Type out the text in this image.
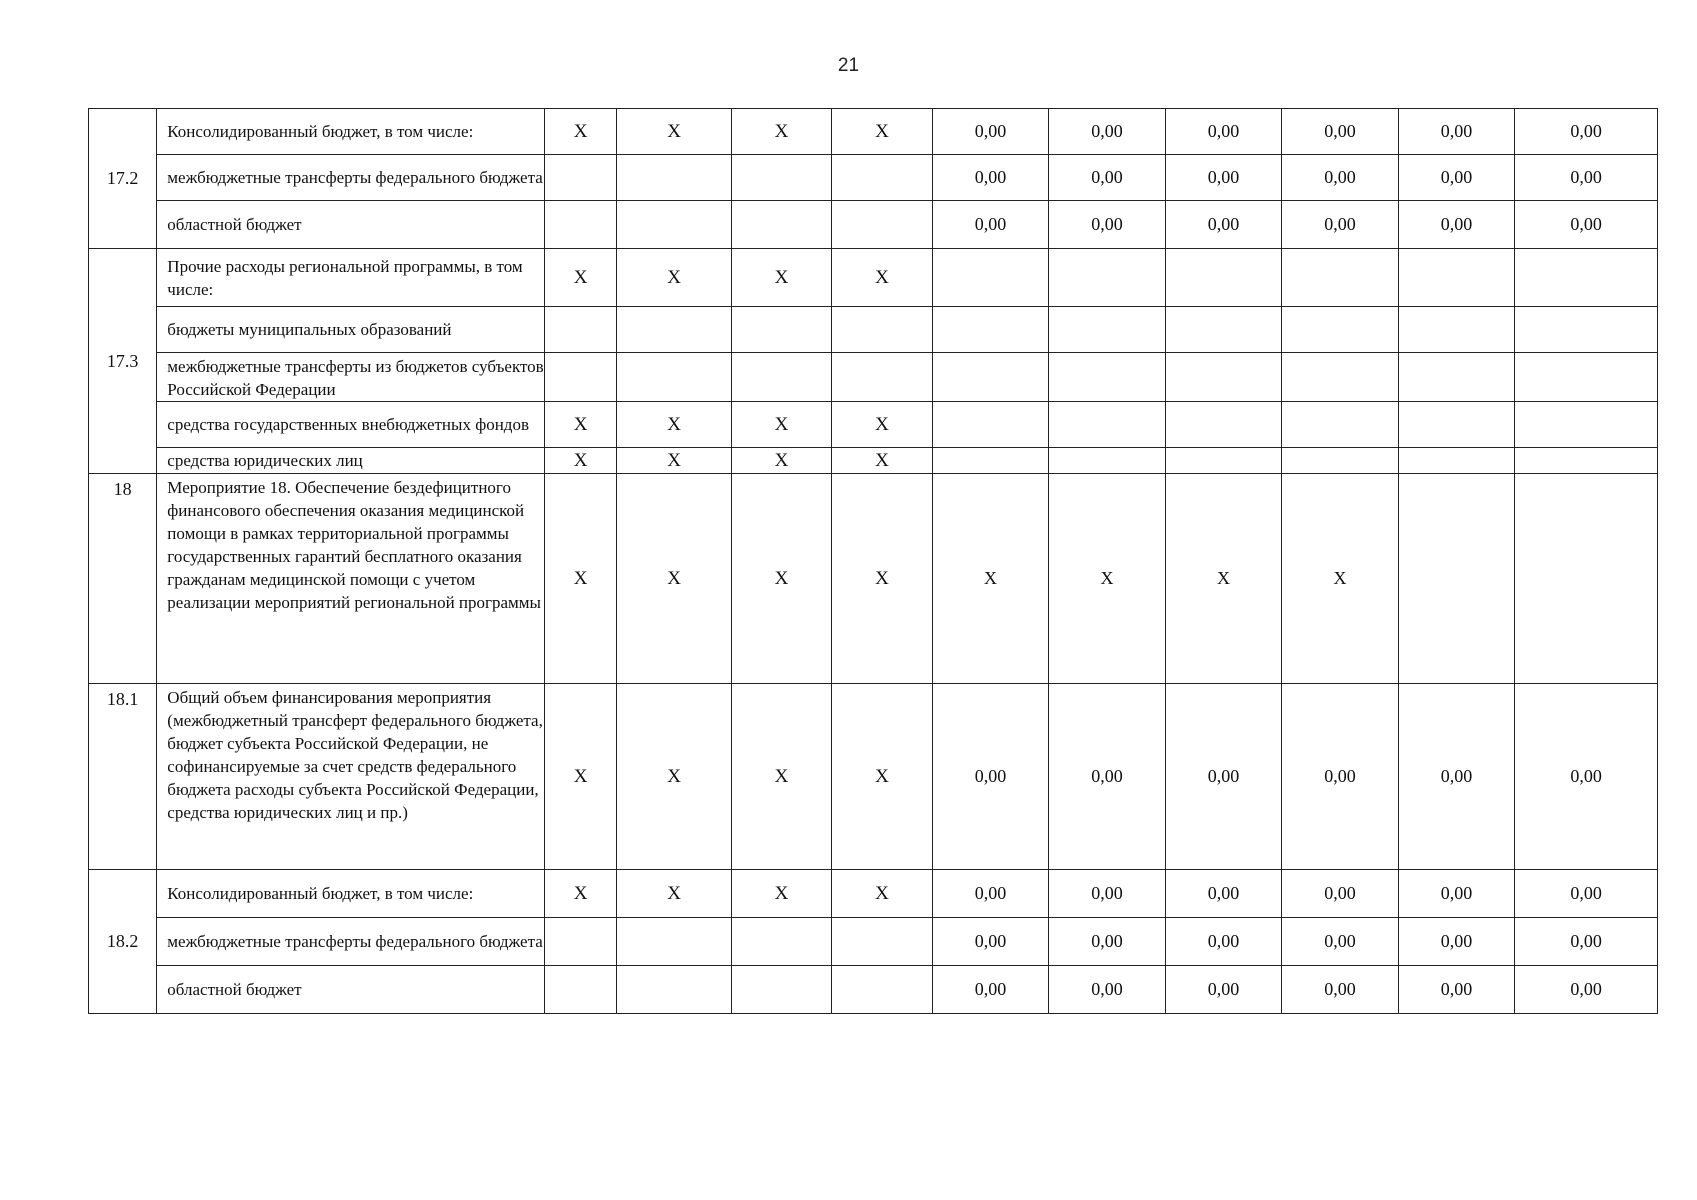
21
17.2	Консолидированный бюджет, в том числе:	X	X	X	X	0,00	0,00	0,00	0,00	0,00	0,00
	межбюджетные трансферты федерального бюджета					0,00	0,00	0,00	0,00	0,00	0,00
	областной бюджет					0,00	0,00	0,00	0,00	0,00	0,00
17.3	Прочие расходы региональной программы, в том числе:	X	X	X	X						
	бюджеты муниципальных образований										
	межбюджетные трансферты из бюджетов субъектов Российской Федерации										
	средства государственных внебюджетных фондов	X	X	X	X						
	средства юридических лиц	X	X	X	X						
18	Мероприятие 18. Обеспечение бездефицитного финансового обеспечения оказания медицинской помощи в рамках территориальной программы государственных гарантий бесплатного оказания гражданам медицинской помощи с учетом реализации мероприятий региональной программы	X	X	X	X	X	X	X	X		
18.1	Общий объем финансирования мероприятия (межбюджетный трансферт федерального бюджета, бюджет субъекта Российской Федерации, не софинансируемые за счет средств федерального бюджета расходы субъекта Российской Федерации, средства юридических лиц и пр.)	X	X	X	X	0,00	0,00	0,00	0,00	0,00	0,00
18.2	Консолидированный бюджет, в том числе:	X	X	X	X	0,00	0,00	0,00	0,00	0,00	0,00
	межбюджетные трансферты федерального бюджета					0,00	0,00	0,00	0,00	0,00	0,00
	областной бюджет					0,00	0,00	0,00	0,00	0,00	0,00
